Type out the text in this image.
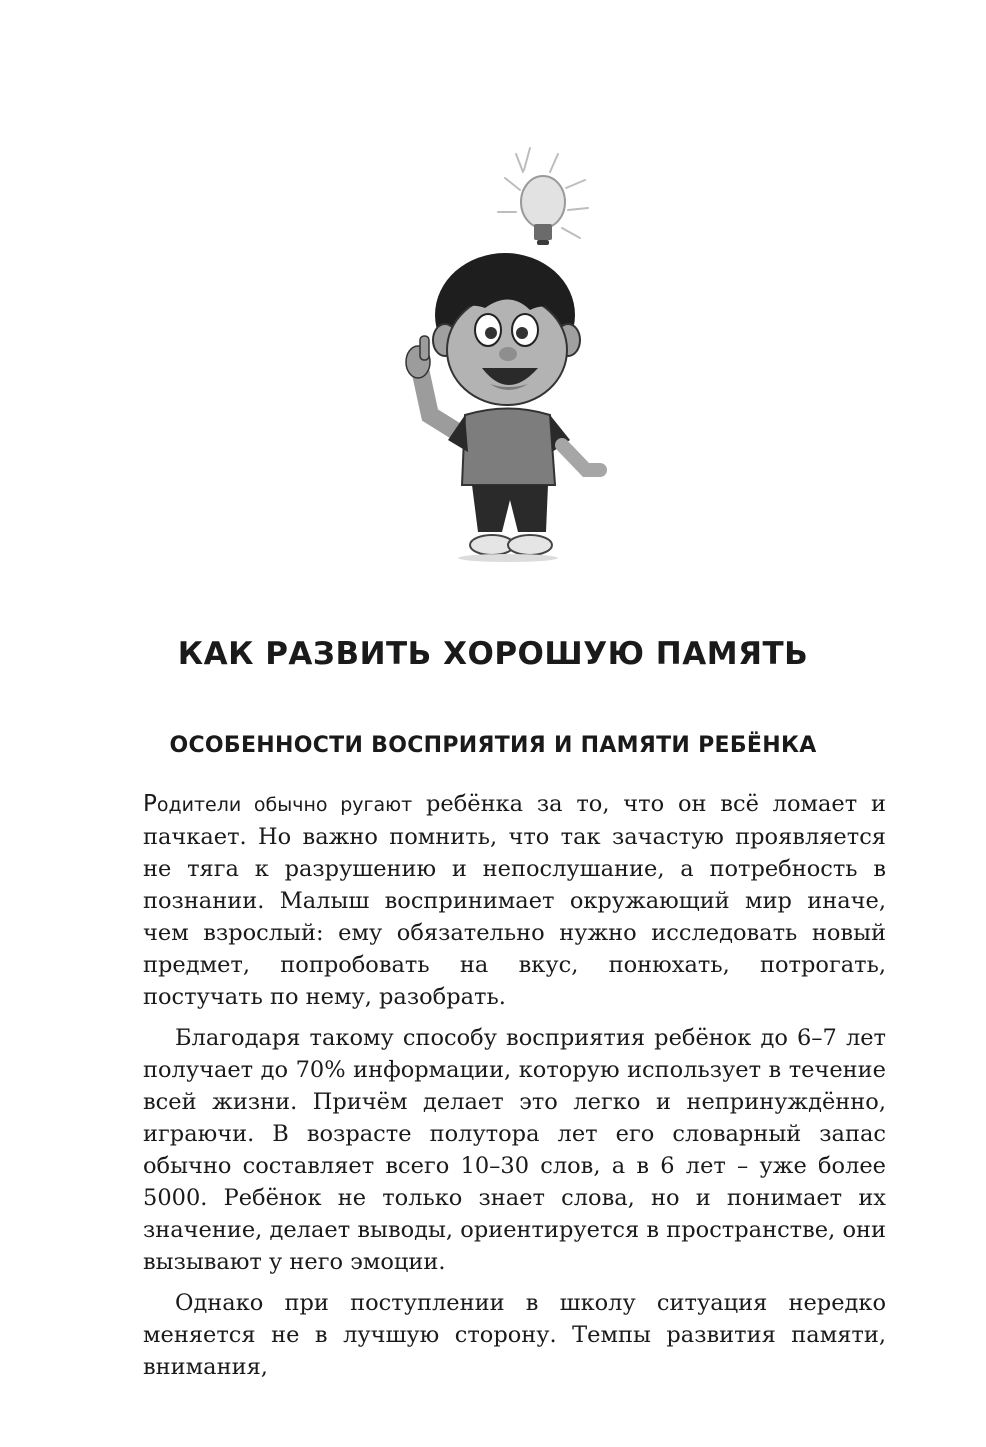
КАК РАЗВИТЬ ХОРОШУЮ ПАМЯТЬ
ОСОБЕННОСТИ ВОСПРИЯТИЯ И ПАМЯТИ РЕБЁНКА

Родители обычно ругают ребёнка за то, что он всё ломает и пачкает. Но важно помнить, что так зачастую проявляется не тяга к разрушению и непослушание, а потребность в познании. Малыш воспринимает окружающий мир иначе, чем взрослый: ему обязательно нужно исследовать новый предмет, попробовать на вкус, понюхать, потрогать, постучать по нему, разобрать.

Благодаря такому способу восприятия ребёнок до 6–7 лет получает до 70% информации, которую использует в течение всей жизни. Причём делает это легко и непринуждённо, играючи. В возрасте полутора лет его словарный запас обычно составляет всего 10–30 слов, а в 6 лет – уже более 5000. Ребёнок не только знает слова, но и понимает их значение, делает выводы, ориентируется в пространстве, они вызывают у него эмоции.

Однако при поступлении в школу ситуация нередко меняется не в лучшую сторону. Темпы развития памяти, внимания,
